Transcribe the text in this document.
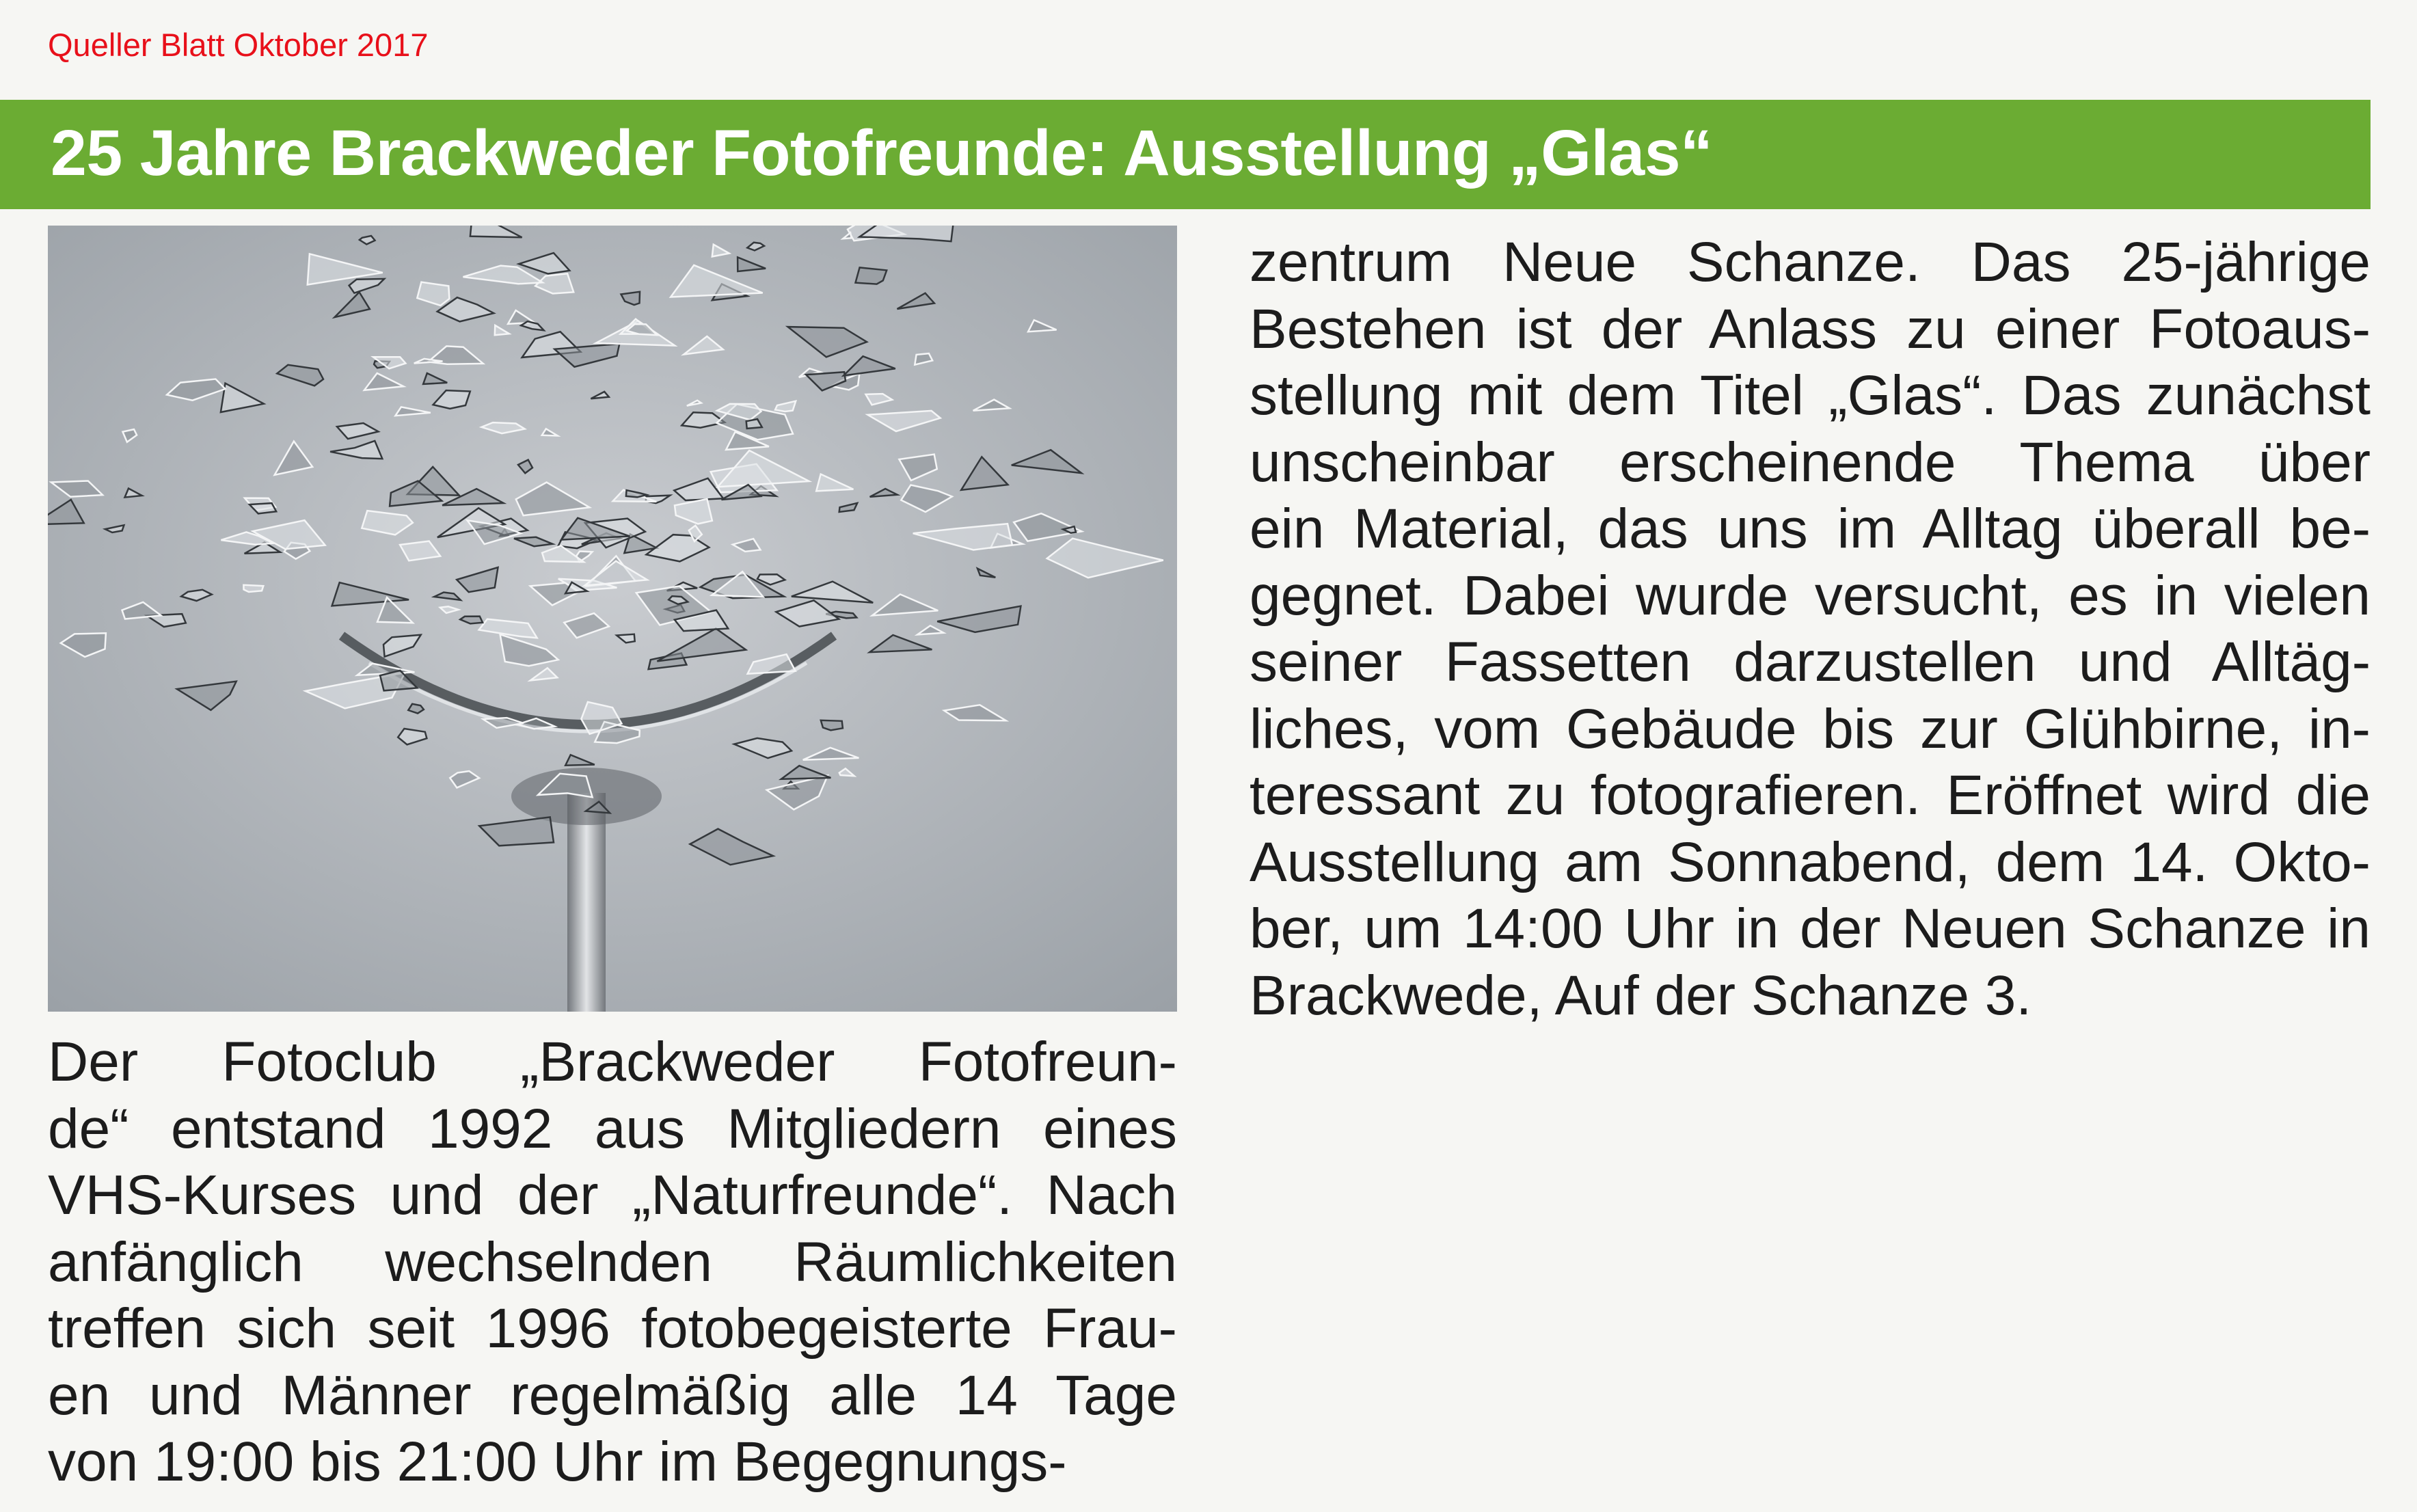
Queller Blatt Oktober 2017
25 Jahre Brackweder Fotofreunde: Ausstellung „Glas“
Der Fotoclub „Brackweder Fotofreun-
de“ entstand 1992 aus Mitgliedern eines
VHS-Kurses und der „Naturfreunde“. Nach
anfänglich wechselnden Räumlichkeiten
treffen sich seit 1996 fotobegeisterte Frau-
en und Männer regelmäßig alle 14 Tage
von 19:00 bis 21:00 Uhr im Begegnungs-
zentrum Neue Schanze. Das 25-jährige
Bestehen ist der Anlass zu einer Fotoaus-
stellung mit dem Titel „Glas“. Das zunächst
unscheinbar erscheinende Thema über
ein Material, das uns im Alltag überall be-
gegnet. Dabei wurde versucht, es in vielen
seiner Fassetten darzustellen und Alltäg-
liches, vom Gebäude bis zur Glühbirne, in-
teressant zu fotografieren. Eröffnet wird die
Ausstellung am Sonnabend, dem 14. Okto-
ber, um 14:00 Uhr in der Neuen Schanze in
Brackwede, Auf der Schanze 3.
